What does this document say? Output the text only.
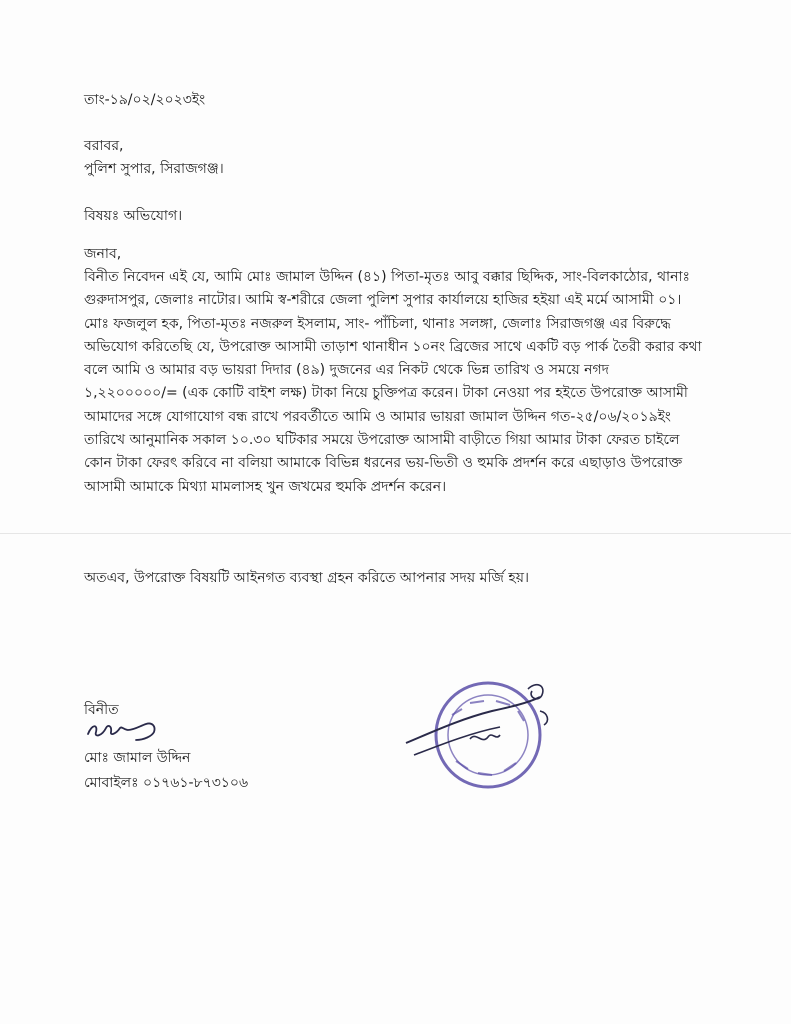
তাং-১৯/০২/২০২৩ইং
বরাবর,
পুলিশ সুপার, সিরাজগঞ্জ।
বিষয়ঃ অভিযোগ।
জনাব,
বিনীত নিবেদন এই যে, আমি মোঃ জামাল উদ্দিন (৪১) পিতা-মৃতঃ আবু বক্কার ছিদ্দিক, সাং-বিলকাঠোর, থানাঃ
গুরুদাসপুর, জেলাঃ নাটোর। আমি স্ব-শরীরে জেলা পুলিশ সুপার কার্যালয়ে হাজির হইয়া এই মর্মে আসামী ০১।
মোঃ ফজলুল হক, পিতা-মৃতঃ নজরুল ইসলাম, সাং- পাঁচিলা, থানাঃ সলঙ্গা, জেলাঃ সিরাজগঞ্জ এর বিরুদ্ধে
অভিযোগ করিতেছি যে, উপরোক্ত আসামী তাড়াশ থানাধীন ১০নং ব্রিজের সাথে একটি বড় পার্ক তৈরী করার কথা
বলে আমি ও আমার বড় ভায়রা দিদার (৪৯) দুজনের এর নিকট থেকে ভিন্ন তারিখ ও সময়ে নগদ
১,২২০০০০০/= (এক কোটি বাইশ লক্ষ) টাকা নিয়ে চুক্তিপত্র করেন। টাকা নেওয়া পর হইতে উপরোক্ত আসামী
আমাদের সঙ্গে যোগাযোগ বন্ধ রাখে পরবর্তীতে আমি ও আমার ভায়রা জামাল উদ্দিন গত-২৫/০৬/২০১৯ইং
তারিখে আনুমানিক সকাল ১০.৩০ ঘটিকার সময়ে উপরোক্ত আসামী বাড়ীতে গিয়া আমার টাকা ফেরত চাইলে
কোন টাকা ফেরৎ করিবে না বলিয়া আমাকে বিভিন্ন ধরনের ভয়-ভিতী ও হুমকি প্রদর্শন করে এছাড়াও উপরোক্ত
আসামী আমাকে মিথ্যা মামলাসহ খুন জখমের হুমকি প্রদর্শন করেন।
অতএব, উপরোক্ত বিষয়টি আইনগত ব্যবস্থা গ্রহন করিতে আপনার সদয় মর্জি হয়।
বিনীত
মোঃ জামাল উদ্দিন
মোবাইলঃ ০১৭৬১-৮৭৩১০৬
